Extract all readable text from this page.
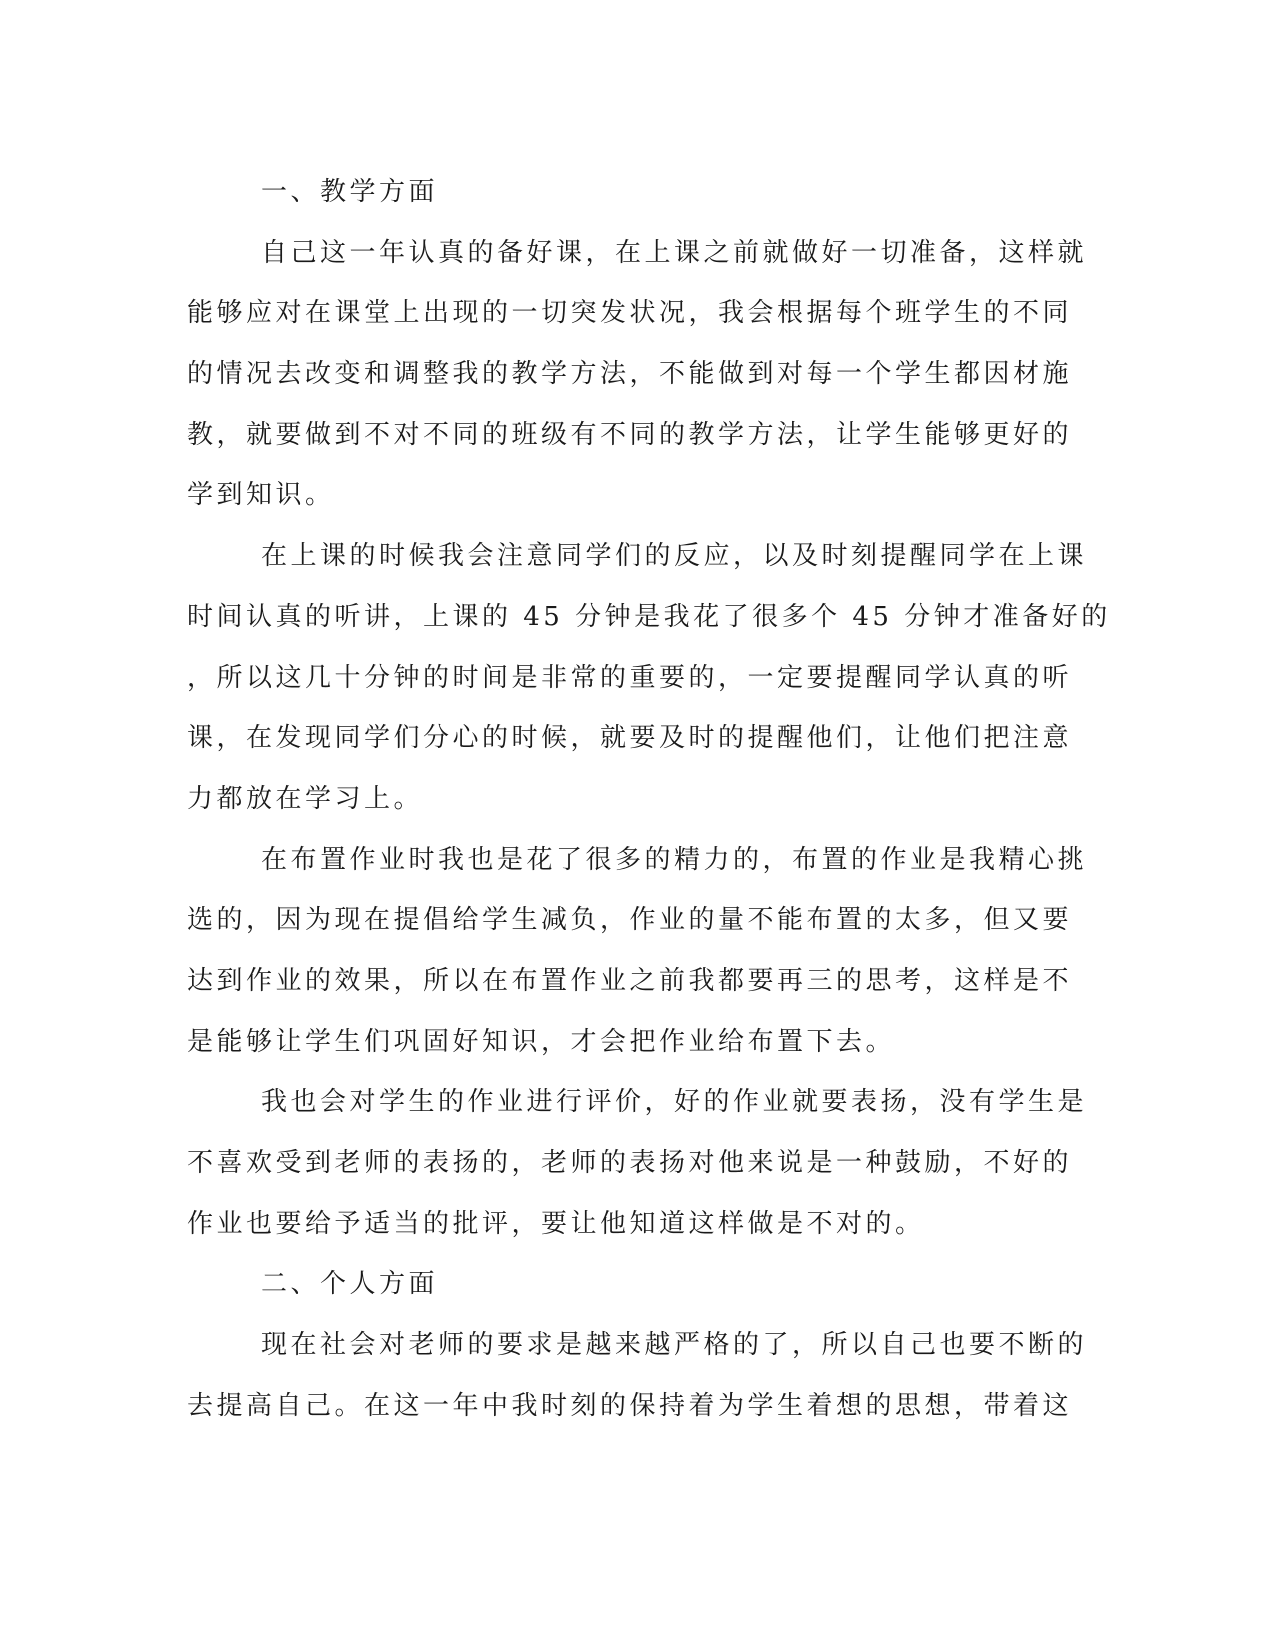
一、教学方面
自己这一年认真的备好课，在上课之前就做好一切准备，这样就
能够应对在课堂上出现的一切突发状况，我会根据每个班学生的不同
的情况去改变和调整我的教学方法，不能做到对每一个学生都因材施
教，就要做到不对不同的班级有不同的教学方法，让学生能够更好的
学到知识。
在上课的时候我会注意同学们的反应，以及时刻提醒同学在上课
时间认真的听讲，上课的 45 分钟是我花了很多个 45 分钟才准备好的
，所以这几十分钟的时间是非常的重要的，一定要提醒同学认真的听
课，在发现同学们分心的时候，就要及时的提醒他们，让他们把注意
力都放在学习上。
在布置作业时我也是花了很多的精力的，布置的作业是我精心挑
选的，因为现在提倡给学生减负，作业的量不能布置的太多，但又要
达到作业的效果，所以在布置作业之前我都要再三的思考，这样是不
是能够让学生们巩固好知识，才会把作业给布置下去。
我也会对学生的作业进行评价，好的作业就要表扬，没有学生是
不喜欢受到老师的表扬的，老师的表扬对他来说是一种鼓励，不好的
作业也要给予适当的批评，要让他知道这样做是不对的。
二、个人方面
现在社会对老师的要求是越来越严格的了，所以自己也要不断的
去提高自己。在这一年中我时刻的保持着为学生着想的思想，带着这
